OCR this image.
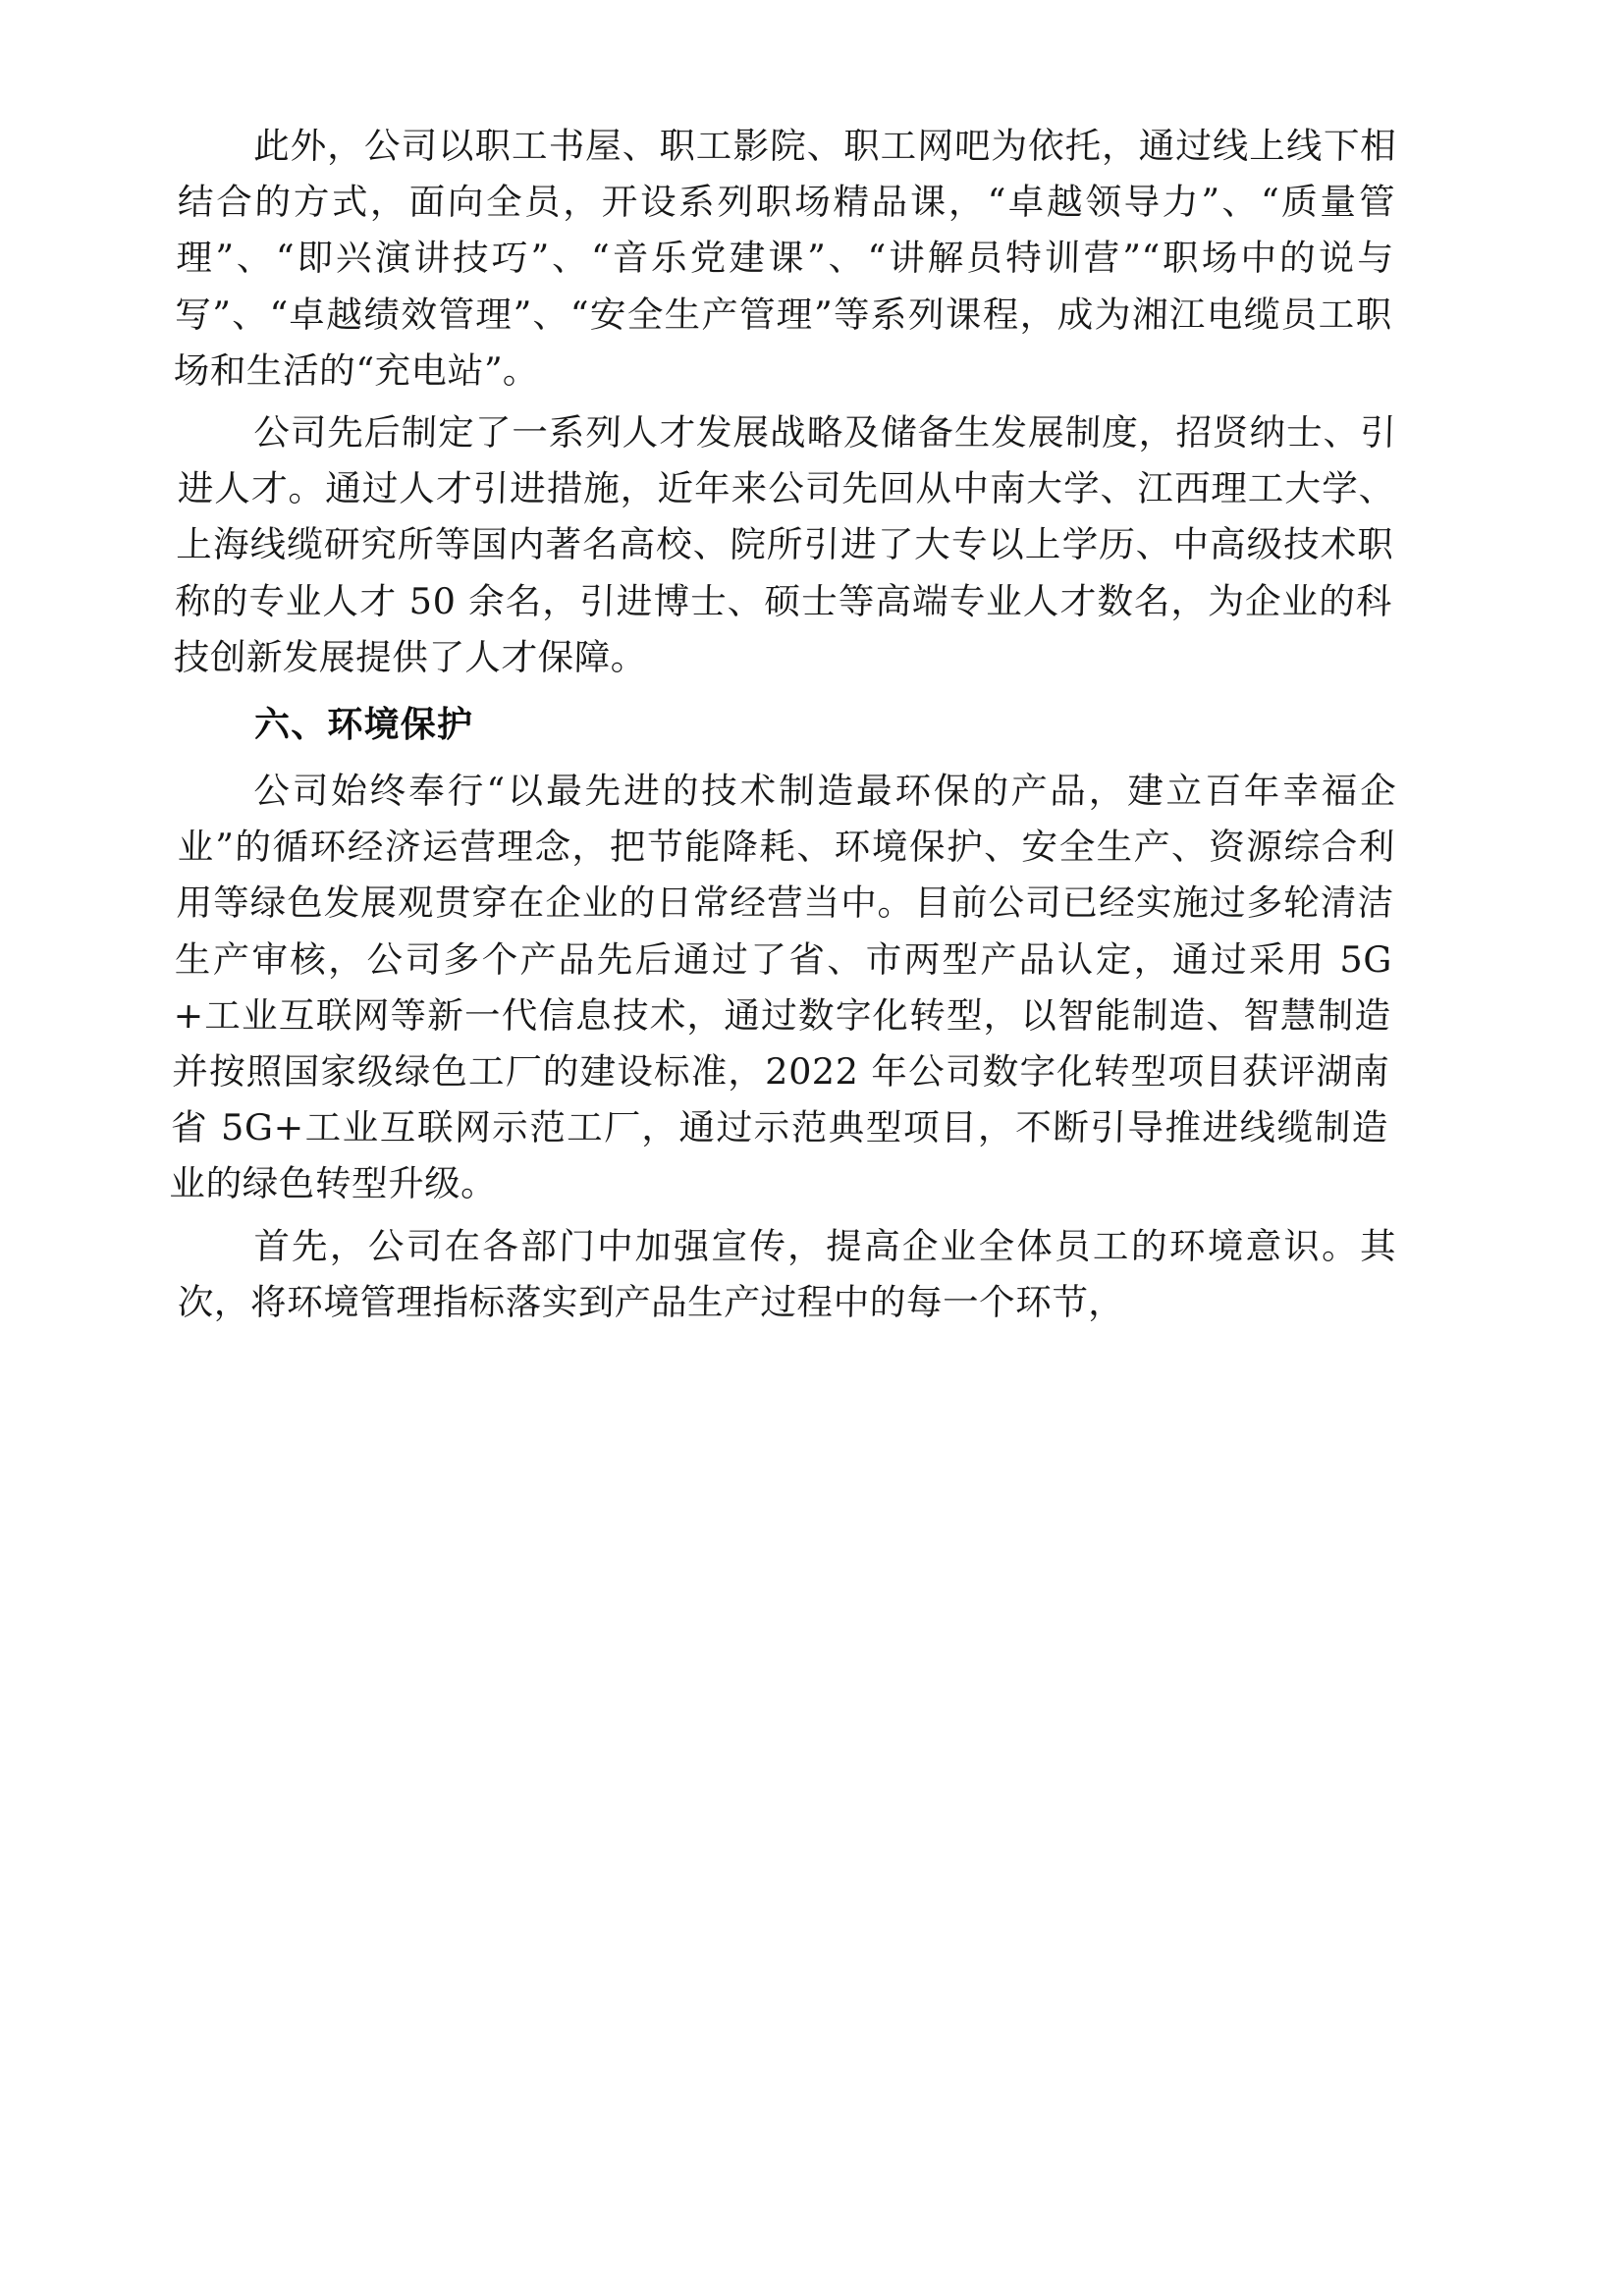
此外，公司以职工书屋、职工影院、职工网吧为依托，通过线上线下相结合的方式，面向全员，开设系列职场精品课，“卓越领导力”、“质量管理”、“即兴演讲技巧”、“音乐党建课”、“讲解员特训营”“职场中的说与写”、“卓越绩效管理”、“安全生产管理”等系列课程，成为湘江电缆员工职场和生活的“充电站”。

公司先后制定了一系列人才发展战略及储备生发展制度，招贤纳士、引进人才。通过人才引进措施，近年来公司先回从中南大学、江西理工大学、上海线缆研究所等国内著名高校、院所引进了大专以上学历、中高级技术职称的专业人才 50 余名，引进博士、硕士等高端专业人才数名，为企业的科技创新发展提供了人才保障。

六、环境保护

公司始终奉行“以最先进的技术制造最环保的产品，建立百年幸福企业”的循环经济运营理念，把节能降耗、环境保护、安全生产、资源综合利用等绿色发展观贯穿在企业的日常经营当中。目前公司已经实施过多轮清洁生产审核，公司多个产品先后通过了省、市两型产品认定，通过采用 5G+工业互联网等新一代信息技术，通过数字化转型，以智能制造、智慧制造并按照国家级绿色工厂的建设标准，2022 年公司数字化转型项目获评湖南省 5G+工业互联网示范工厂，通过示范典型项目，不断引导推进线缆制造业的绿色转型升级。

首先，公司在各部门中加强宣传，提高企业全体员工的环境意识。其次，将环境管理指标落实到产品生产过程中的每一个环节，
